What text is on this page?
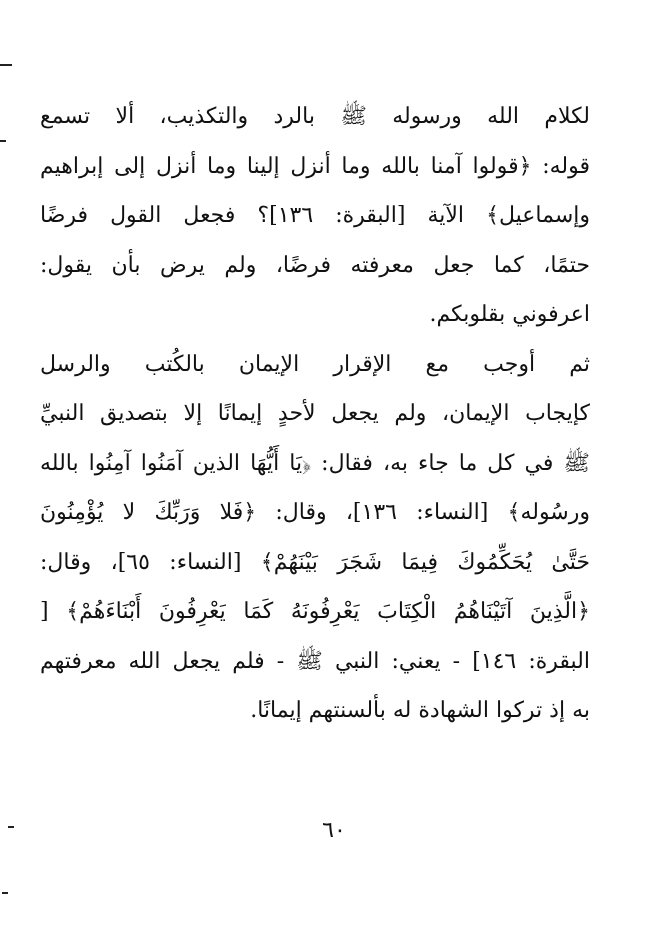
لكلام الله ورسوله ﷺ بالرد والتكذيب، ألا تسمع
قوله: ﴿قولوا آمنا بالله وما أنزل إلينا وما أنزل إلى إبراهيم
وإسماعيل﴾ الآية [البقرة: ١٣٦]؟ فجعل القول فرضًا
حتمًا، كما جعل معرفته فرضًا، ولم يرض بأن يقول:
اعرفوني بقلوبكم.
ثم أوجب مع الإقرار الإيمان بالكُتب والرسل
كإيجاب الإيمان، ولم يجعل لأحدٍ إيمانًا إلا بتصديق النبيِّ
ﷺ في كل ما جاء به، فقال: ﴿يَا أَيُّهَا الذين آمَنُوا آمِنُوا بالله
ورسُوله﴾ [النساء: ١٣٦]، وقال: ﴿فَلا وَرَبِّكَ لا يُؤْمِنُونَ
حَتَّىٰ يُحَكِّمُوكَ فِيمَا شَجَرَ بَيْنَهُمْ﴾ [النساء: ٦٥]، وقال:
﴿الَّذِينَ آتَيْنَاهُمُ الْكِتَابَ يَعْرِفُونَهُ كَمَا يَعْرِفُونَ أَبْنَاءَهُمْ﴾ [
البقرة: ١٤٦] - يعني: النبي ﷺ - فلم يجعل الله معرفتهم
به إذ تركوا الشهادة له بألسنتهم إيمانًا.
٦٠
